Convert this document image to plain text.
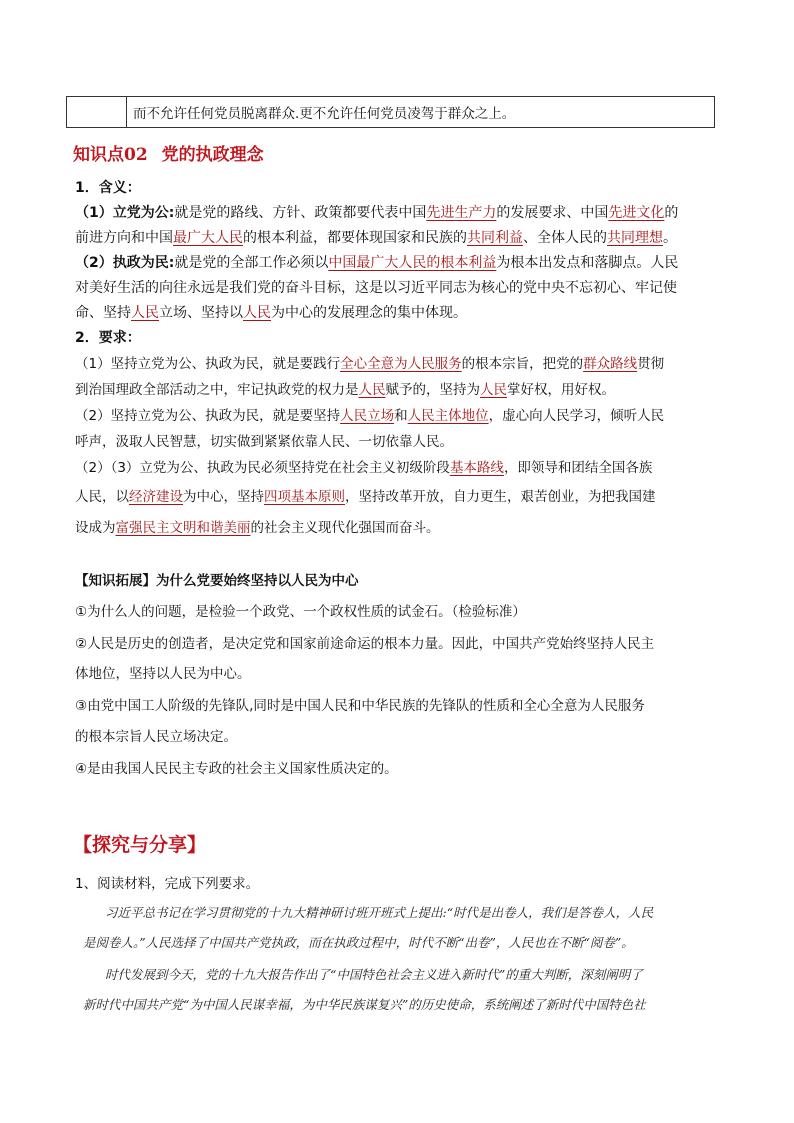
	而不允许任何党员脱离群众.更不允许任何党员凌驾于群众之上。
知识点02 党的执政理念
1．含义：
（1）立党为公:就是党的路线、方针、政策都要代表中国先进生产力的发展要求、中国先进文化的
前进方向和中国最广大人民的根本利益，都要体现国家和民族的共同利益、全体人民的共同理想。
（2）执政为民:就是党的全部工作必须以中国最广大人民的根本利益为根本出发点和落脚点。人民
对美好生活的向往永远是我们党的奋斗目标，这是以习近平同志为核心的党中央不忘初心、牢记使
命、坚持人民立场、坚持以人民为中心的发展理念的集中体现。
2．要求：
（1）坚持立党为公、执政为民，就是要践行全心全意为人民服务的根本宗旨，把党的群众路线贯彻
到治国理政全部活动之中，牢记执政党的权力是人民赋予的，坚持为人民掌好权，用好权。
（2）坚持立党为公、执政为民，就是要坚持人民立场和人民主体地位，虚心向人民学习，倾听人民
呼声，汲取人民智慧，切实做到紧紧依靠人民、一切依靠人民。
（2）（3）立党为公、执政为民必须坚持党在社会主义初级阶段基本路线，即领导和团结全国各族
人民，以经济建设为中心，坚持四项基本原则，坚持改革开放，自力更生，艰苦创业，为把我国建
设成为富强民主文明和谐美丽的社会主义现代化强国而奋斗。
【知识拓展】为什么党要始终坚持以人民为中心
①为什么人的问题，是检验一个政党、一个政权性质的试金石。（检验标准）
②人民是历史的创造者，是决定党和国家前途命运的根本力量。因此，中国共产党始终坚持人民主
体地位，坚持以人民为中心。
③由党中国工人阶级的先锋队,同时是中国人民和中华民族的先锋队的性质和全心全意为人民服务
的根本宗旨人民立场决定。
④是由我国人民民主专政的社会主义国家性质决定的。
【探究与分享】
1、阅读材料，完成下列要求。
习近平总书记在学习贯彻党的十九大精神研讨班开班式上提出:“时代是出卷人，我们是答卷人，人民
是阅卷人。”人民选择了中国共产党执政，而在执政过程中，时代不断“出卷”，人民也在不断“阅卷”。
时代发展到今天，党的十九大报告作出了“中国特色社会主义进入新时代”的重大判断，深刻阐明了
新时代中国共产党“为中国人民谋幸福，为中华民族谋复兴”的历史使命，系统阐述了新时代中国特色社
